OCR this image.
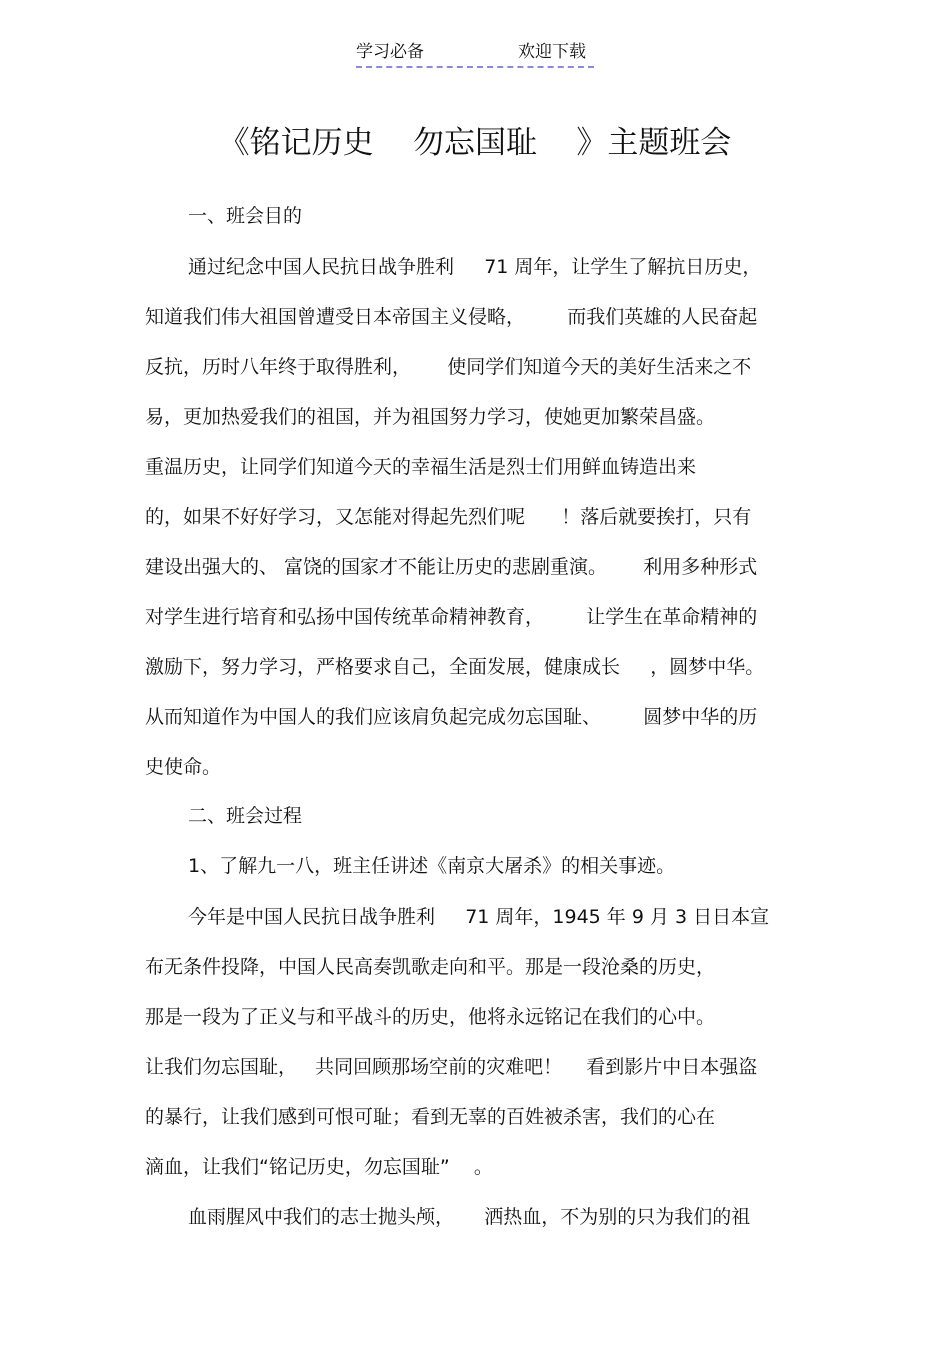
学习必备	欢迎下载
《铭记历史    勿忘国耻    》主题班会
一、班会目的
通过纪念中国人民抗日战争胜利     71 周年，让学生了解抗日历史，
知道我们伟大祖国曾遭受日本帝国主义侵略，       而我们英雄的人民奋起
反抗，历时八年终于取得胜利，      使同学们知道今天的美好生活来之不
易，更加热爱我们的祖国，并为祖国努力学习，使她更加繁荣昌盛。
重温历史，让同学们知道今天的幸福生活是烈士们用鲜血铸造出来
的，如果不好好学习，又怎能对得起先烈们呢      ！落后就要挨打，只有
建设出强大的、 富饶的国家才不能让历史的悲剧重演。      利用多种形式
对学生进行培育和弘扬中国传统革命精神教育，       让学生在革命精神的
激励下，努力学习，严格要求自己，全面发展，健康成长     ，圆梦中华。
从而知道作为中国人的我们应该肩负起完成勿忘国耻、       圆梦中华的历
史使命。
二、班会过程
1、了解九一八，班主任讲述《南京大屠杀》的相关事迹。
今年是中国人民抗日战争胜利     71 周年，1945 年 9 月 3 日日本宣
布无条件投降，中国人民高奏凯歌走向和平。那是一段沧桑的历史，
那是一段为了正义与和平战斗的历史，他将永远铭记在我们的心中。
让我们勿忘国耻，   共同回顾那场空前的灾难吧！    看到影片中日本强盗
的暴行，让我们感到可恨可耻；看到无辜的百姓被杀害，我们的心在
滴血，让我们“铭记历史，勿忘国耻”    。
血雨腥风中我们的志士抛头颅，     洒热血，不为别的只为我们的祖
